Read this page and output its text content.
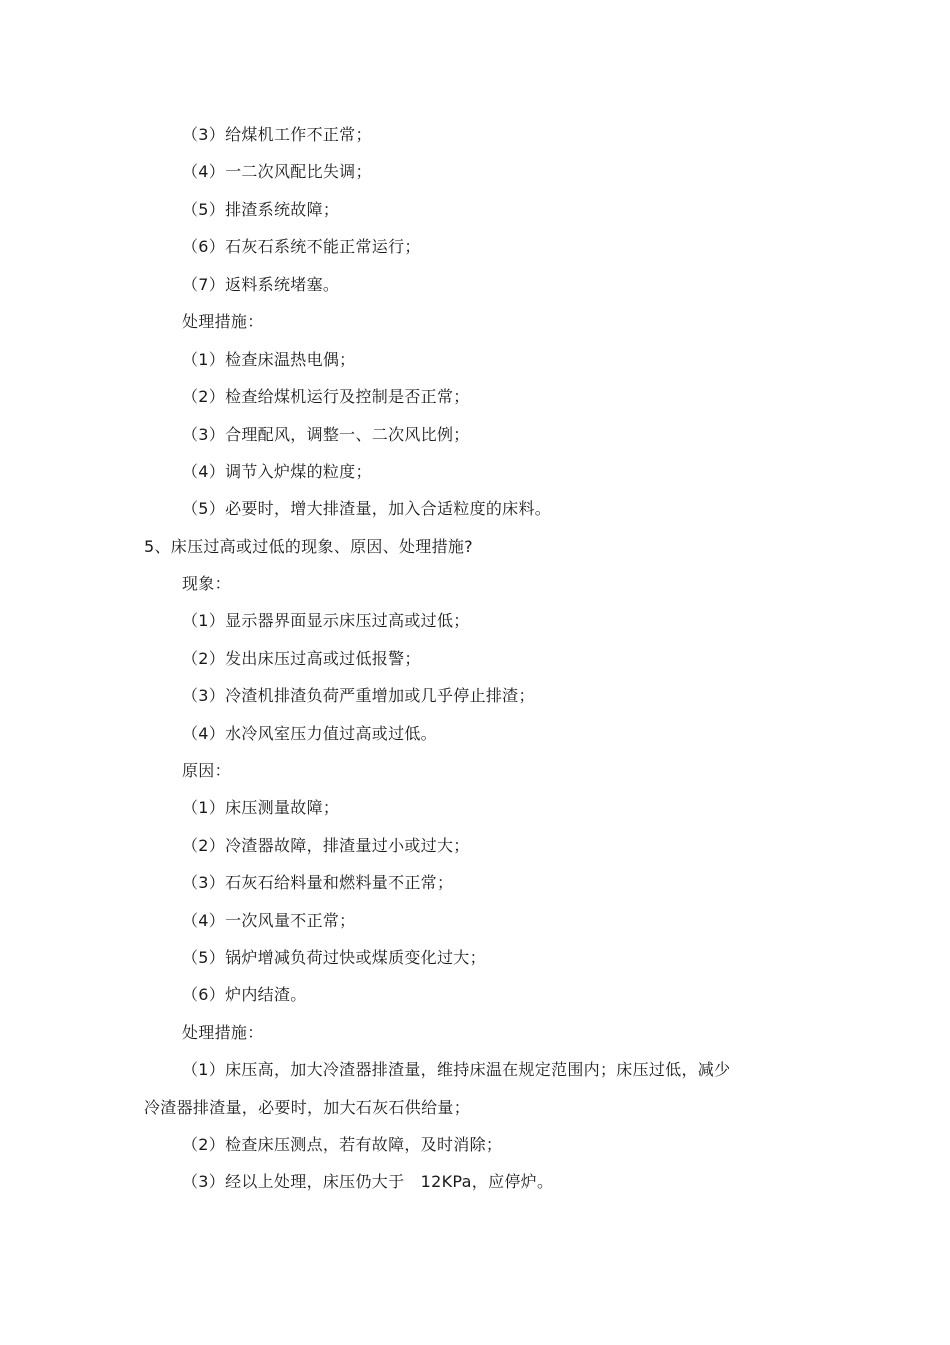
（3）给煤机工作不正常；
（4）一二次风配比失调；
（5）排渣系统故障；
（6）石灰石系统不能正常运行；
（7）返料系统堵塞。
处理措施：
（1）检查床温热电偶；
（2）检查给煤机运行及控制是否正常；
（3）合理配风，调整一、二次风比例；
（4）调节入炉煤的粒度；
（5）必要时，增大排渣量，加入合适粒度的床料。
5、床压过高或过低的现象、原因、处理措施?
现象：
（1）显示器界面显示床压过高或过低；
（2）发出床压过高或过低报警；
（3）冷渣机排渣负荷严重增加或几乎停止排渣；
（4）水冷风室压力值过高或过低。
原因：
（1）床压测量故障；
（2）冷渣器故障，排渣量过小或过大；
（3）石灰石给料量和燃料量不正常；
（4）一次风量不正常；
（5）锅炉增减负荷过快或煤质变化过大；
（6）炉内结渣。
处理措施：
（1）床压高，加大冷渣器排渣量，维持床温在规定范围内；床压过低，减少
冷渣器排渣量，必要时，加大石灰石供给量；
（2）检查床压测点，若有故障，及时消除；
（3）经以上处理，床压仍大于　12KPa，应停炉。
